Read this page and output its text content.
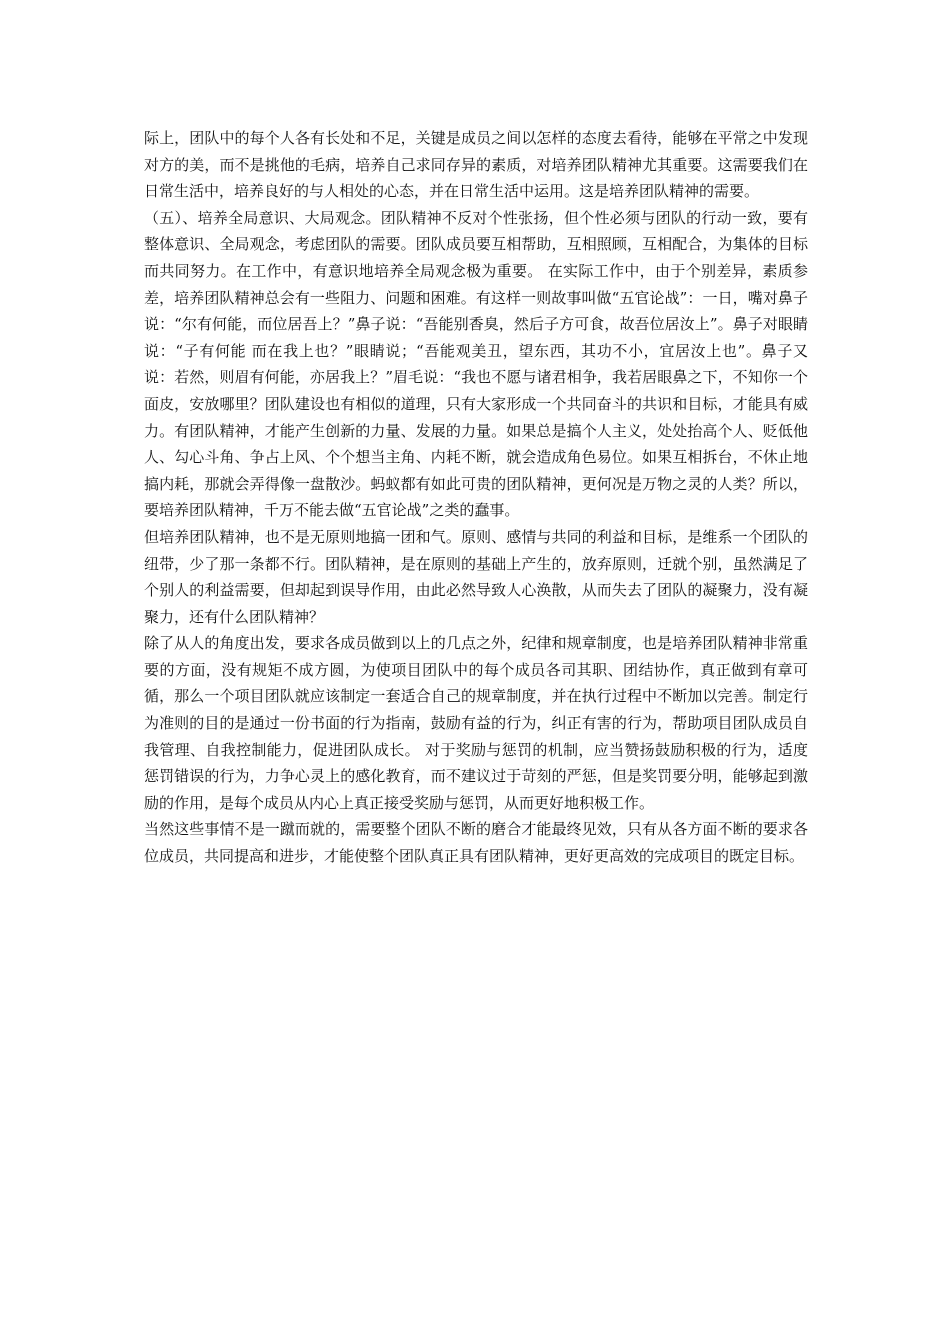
际上，团队中的每个人各有长处和不足，关键是成员之间以怎样的态度去看待，能够在平常之中发现对方的美，而不是挑他的毛病，培养自己求同存异的素质，对培养团队精神尤其重要。这需要我们在日常生活中，培养良好的与人相处的心态，并在日常生活中运用。这是培养团队精神的需要。

（五）、培养全局意识、大局观念。团队精神不反对个性张扬，但个性必须与团队的行动一致，要有整体意识、全局观念，考虑团队的需要。团队成员要互相帮助，互相照顾，互相配合，为集体的目标而共同努力。在工作中，有意识地培养全局观念极为重要。 在实际工作中，由于个别差异，素质参差，培养团队精神总会有一些阻力、问题和困难。有这样一则故事叫做“五官论战”：一日，嘴对鼻子说：“尔有何能，而位居吾上？”鼻子说：“吾能别香臭，然后子方可食，故吾位居汝上”。鼻子对眼睛说：“子有何能 而在我上也？”眼睛说；“吾能观美丑，望东西，其功不小，宜居汝上也”。鼻子又说：若然，则眉有何能，亦居我上？”眉毛说：“我也不愿与诸君相争，我若居眼鼻之下，不知你一个面皮，安放哪里？团队建设也有相似的道理，只有大家形成一个共同奋斗的共识和目标，才能具有威力。有团队精神，才能产生创新的力量、发展的力量。如果总是搞个人主义，处处抬高个人、贬低他人、勾心斗角、争占上风、个个想当主角、内耗不断，就会造成角色易位。如果互相拆台，不休止地搞内耗，那就会弄得像一盘散沙。蚂蚁都有如此可贵的团队精神，更何况是万物之灵的人类？所以，要培养团队精神，千万不能去做“五官论战”之类的蠢事。

但培养团队精神，也不是无原则地搞一团和气。原则、感情与共同的利益和目标，是维系一个团队的纽带，少了那一条都不行。团队精神，是在原则的基础上产生的，放弃原则，迁就个别，虽然满足了个别人的利益需要，但却起到误导作用，由此必然导致人心涣散，从而失去了团队的凝聚力，没有凝聚力，还有什么团队精神？

除了从人的角度出发，要求各成员做到以上的几点之外，纪律和规章制度，也是培养团队精神非常重要的方面，没有规矩不成方圆，为使项目团队中的每个成员各司其职、团结协作，真正做到有章可循，那么一个项目团队就应该制定一套适合自己的规章制度，并在执行过程中不断加以完善。制定行为准则的目的是通过一份书面的行为指南，鼓励有益的行为，纠正有害的行为，帮助项目团队成员自我管理、自我控制能力，促进团队成长。 对于奖励与惩罚的机制，应当赞扬鼓励积极的行为，适度惩罚错误的行为，力争心灵上的感化教育，而不建议过于苛刻的严惩，但是奖罚要分明，能够起到激励的作用，是每个成员从内心上真正接受奖励与惩罚，从而更好地积极工作。

当然这些事情不是一蹴而就的，需要整个团队不断的磨合才能最终见效，只有从各方面不断的要求各位成员，共同提高和进步，才能使整个团队真正具有团队精神，更好更高效的完成项目的既定目标。
